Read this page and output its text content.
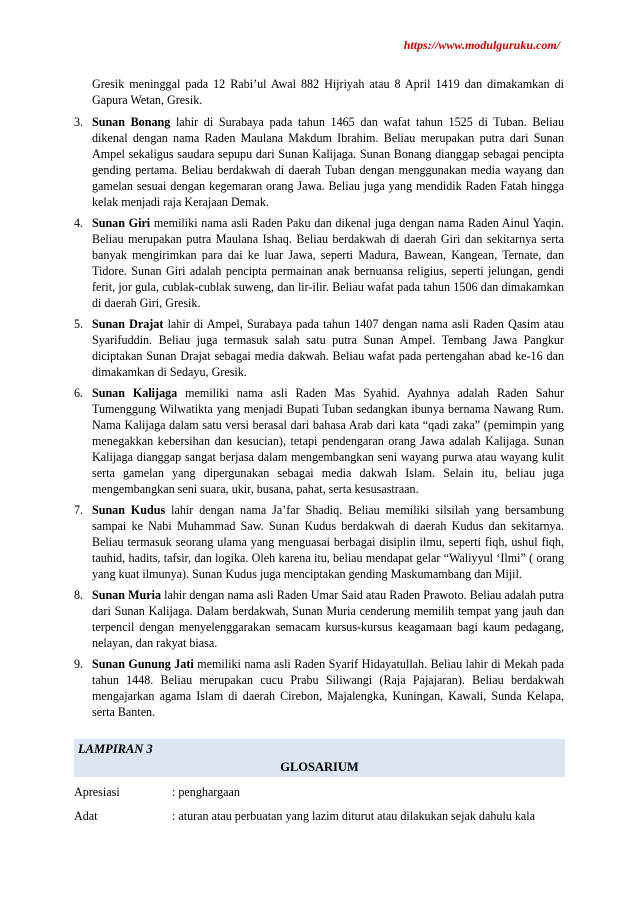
https://www.modulguruku.com/

Gresik meninggal pada 12 Rabi’ul Awal 882 Hijriyah atau 8 April 1419 dan dimakamkan di Gapura Wetan, Gresik.

3. Sunan Bonang lahir di Surabaya pada tahun 1465 dan wafat tahun 1525 di Tuban. Beliau dikenal dengan nama Raden Maulana Makdum Ibrahim. Beliau merupakan putra dari Sunan Ampel sekaligus saudara sepupu dari Sunan Kalijaga. Sunan Bonang dianggap sebagai pencipta gending pertama. Beliau berdakwah di daerah Tuban dengan menggunakan media wayang dan gamelan sesuai dengan kegemaran orang Jawa. Beliau juga yang mendidik Raden Fatah hingga kelak menjadi raja Kerajaan Demak.
4. Sunan Giri memiliki nama asli Raden Paku dan dikenal juga dengan nama Raden Ainul Yaqin. Beliau merupakan putra Maulana Ishaq. Beliau berdakwah di daerah Giri dan sekitarnya serta banyak mengirimkan para dai ke luar Jawa, seperti Madura, Bawean, Kangean, Ternate, dan Tidore. Sunan Giri adalah pencipta permainan anak bernuansa religius, seperti jelungan, gendi ferit, jor gula, cublak-cublak suweng, dan lir-ilir. Beliau wafat pada tahun 1506 dan dimakamkan di daerah Giri, Gresik.
5. Sunan Drajat lahir di Ampel, Surabaya pada tahun 1407 dengan nama asli Raden Qasim atau Syarifuddin. Beliau juga termasuk salah satu putra Sunan Ampel. Tembang Jawa Pangkur diciptakan Sunan Drajat sebagai media dakwah. Beliau wafat pada pertengahan abad ke-16 dan dimakamkan di Sedayu, Gresik.
6. Sunan Kalijaga memiliki nama asli Raden Mas Syahid. Ayahnya adalah Raden Sahur Tumenggung Wilwatikta yang menjadi Bupati Tuban sedangkan ibunya bernama Nawang Rum. Nama Kalijaga dalam satu versi berasal dari bahasa Arab dari kata “qadi zaka” (pemimpin yang menegakkan kebersihan dan kesucian), tetapi pendengaran orang Jawa adalah Kalijaga. Sunan Kalijaga dianggap sangat berjasa dalam mengembangkan seni wayang purwa atau wayang kulit serta gamelan yang dipergunakan sebagai media dakwah Islam. Selain itu, beliau juga mengembangkan seni suara, ukir, busana, pahat, serta kesusastraan.
7. Sunan Kudus lahir dengan nama Ja’far Shadiq. Beliau memiliki silsilah yang bersambung sampai ke Nabi Muhammad Saw. Sunan Kudus berdakwah di daerah Kudus dan sekitarnya. Beliau termasuk seorang ulama yang menguasai berbagai disiplin ilmu, seperti fiqh, ushul fiqh, tauhid, hadits, tafsir, dan logika. Oleh karena itu, beliau mendapat gelar “Waliyyul ‘Ilmi” ( orang yang kuat ilmunya). Sunan Kudus juga menciptakan gending Maskumambang dan Mijil.
8. Sunan Muria lahir dengan nama asli Raden Umar Said atau Raden Prawoto. Beliau adalah putra dari Sunan Kalijaga. Dalam berdakwah, Sunan Muria cenderung memilih tempat yang jauh dan terpencil dengan menyelenggarakan semacam kursus-kursus keagamaan bagi kaum pedagang, nelayan, dan rakyat biasa.
9. Sunan Gunung Jati memiliki nama asli Raden Syarif Hidayatullah. Beliau lahir di Mekah pada tahun 1448. Beliau merupakan cucu Prabu Siliwangi (Raja Pajajaran). Beliau berdakwah mengajarkan agama Islam di daerah Cirebon, Majalengka, Kuningan, Kawali, Sunda Kelapa, serta Banten.
LAMPIRAN 3
GLOSARIUM
Apresiasi	: penghargaan
Adat	: aturan atau perbuatan yang lazim diturut atau dilakukan sejak dahulu kala
